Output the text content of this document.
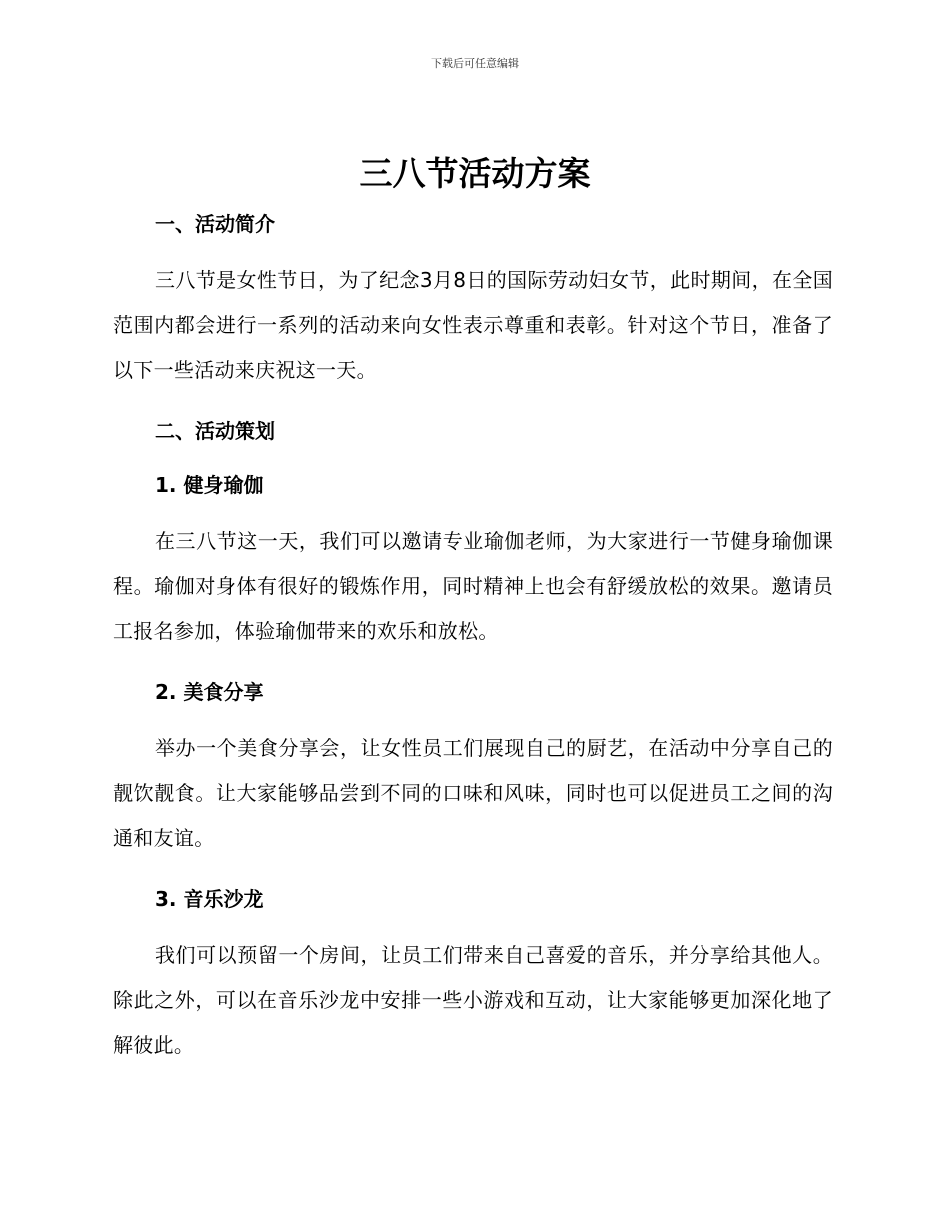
下载后可任意编辑
三八节活动方案

一、活动简介

三八节是女性节日，为了纪念3月8日的国际劳动妇女节，此时期间，在全国范围内都会进行一系列的活动来向女性表示尊重和表彰。针对这个节日，准备了以下一些活动来庆祝这一天。

二、活动策划

1. 健身瑜伽

在三八节这一天，我们可以邀请专业瑜伽老师，为大家进行一节健身瑜伽课程。瑜伽对身体有很好的锻炼作用，同时精神上也会有舒缓放松的效果。邀请员工报名参加，体验瑜伽带来的欢乐和放松。

2. 美食分享

举办一个美食分享会，让女性员工们展现自己的厨艺，在活动中分享自己的靓饮靓食。让大家能够品尝到不同的口味和风味，同时也可以促进员工之间的沟通和友谊。

3. 音乐沙龙

我们可以预留一个房间，让员工们带来自己喜爱的音乐，并分享给其他人。除此之外，可以在音乐沙龙中安排一些小游戏和互动，让大家能够更加深化地了解彼此。
